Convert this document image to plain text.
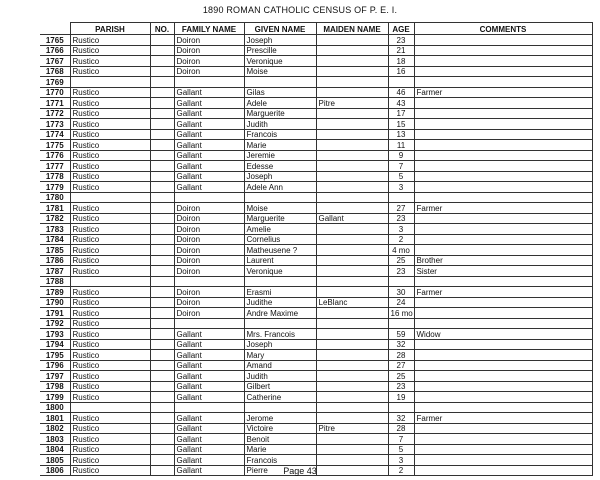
1890 ROMAN CATHOLIC CENSUS OF P. E. I.
	PARISH	NO.	FAMILY NAME	GIVEN NAME	MAIDEN NAME	AGE	COMMENTS
1765	Rustico		Doiron	Joseph		23	
1766	Rustico		Doiron	Prescille		21	
1767	Rustico		Doiron	Veronique		18	
1768	Rustico		Doiron	Moise		16	
1769							
1770	Rustico		Gallant	Gilas		46	Farmer
1771	Rustico		Gallant	Adele	Pitre	43	
1772	Rustico		Gallant	Marguerite		17	
1773	Rustico		Gallant	Judith		15	
1774	Rustico		Gallant	Francois		13	
1775	Rustico		Gallant	Marie		11	
1776	Rustico		Gallant	Jeremie		9	
1777	Rustico		Gallant	Edesse		7	
1778	Rustico		Gallant	Joseph		5	
1779	Rustico		Gallant	Adele Ann		3	
1780							
1781	Rustico		Doiron	Moise		27	Farmer
1782	Rustico		Doiron	Marguerite	Gallant	23	
1783	Rustico		Doiron	Amelie		3	
1784	Rustico		Doiron	Cornelius		2	
1785	Rustico		Doiron	Matheusene ?		4 mo	
1786	Rustico		Doiron	Laurent		25	Brother
1787	Rustico		Doiron	Veronique		23	Sister
1788							
1789	Rustico		Doiron	Erasmi		30	Farmer
1790	Rustico		Doiron	Judithe	LeBlanc	24	
1791	Rustico		Doiron	Andre Maxime		16 mo	
1792	Rustico						
1793	Rustico		Gallant	Mrs. Francois		59	Widow
1794	Rustico		Gallant	Joseph		32	
1795	Rustico		Gallant	Mary		28	
1796	Rustico		Gallant	Amand		27	
1797	Rustico		Gallant	Judith		25	
1798	Rustico		Gallant	Gilbert		23	
1799	Rustico		Gallant	Catherine		19	
1800							
1801	Rustico		Gallant	Jerome		32	Farmer
1802	Rustico		Gallant	Victoire	Pitre	28	
1803	Rustico		Gallant	Benoit		7	
1804	Rustico		Gallant	Marie		5	
1805	Rustico		Gallant	Francois		3	
1806	Rustico		Gallant	Pierre		2	
Page 43
